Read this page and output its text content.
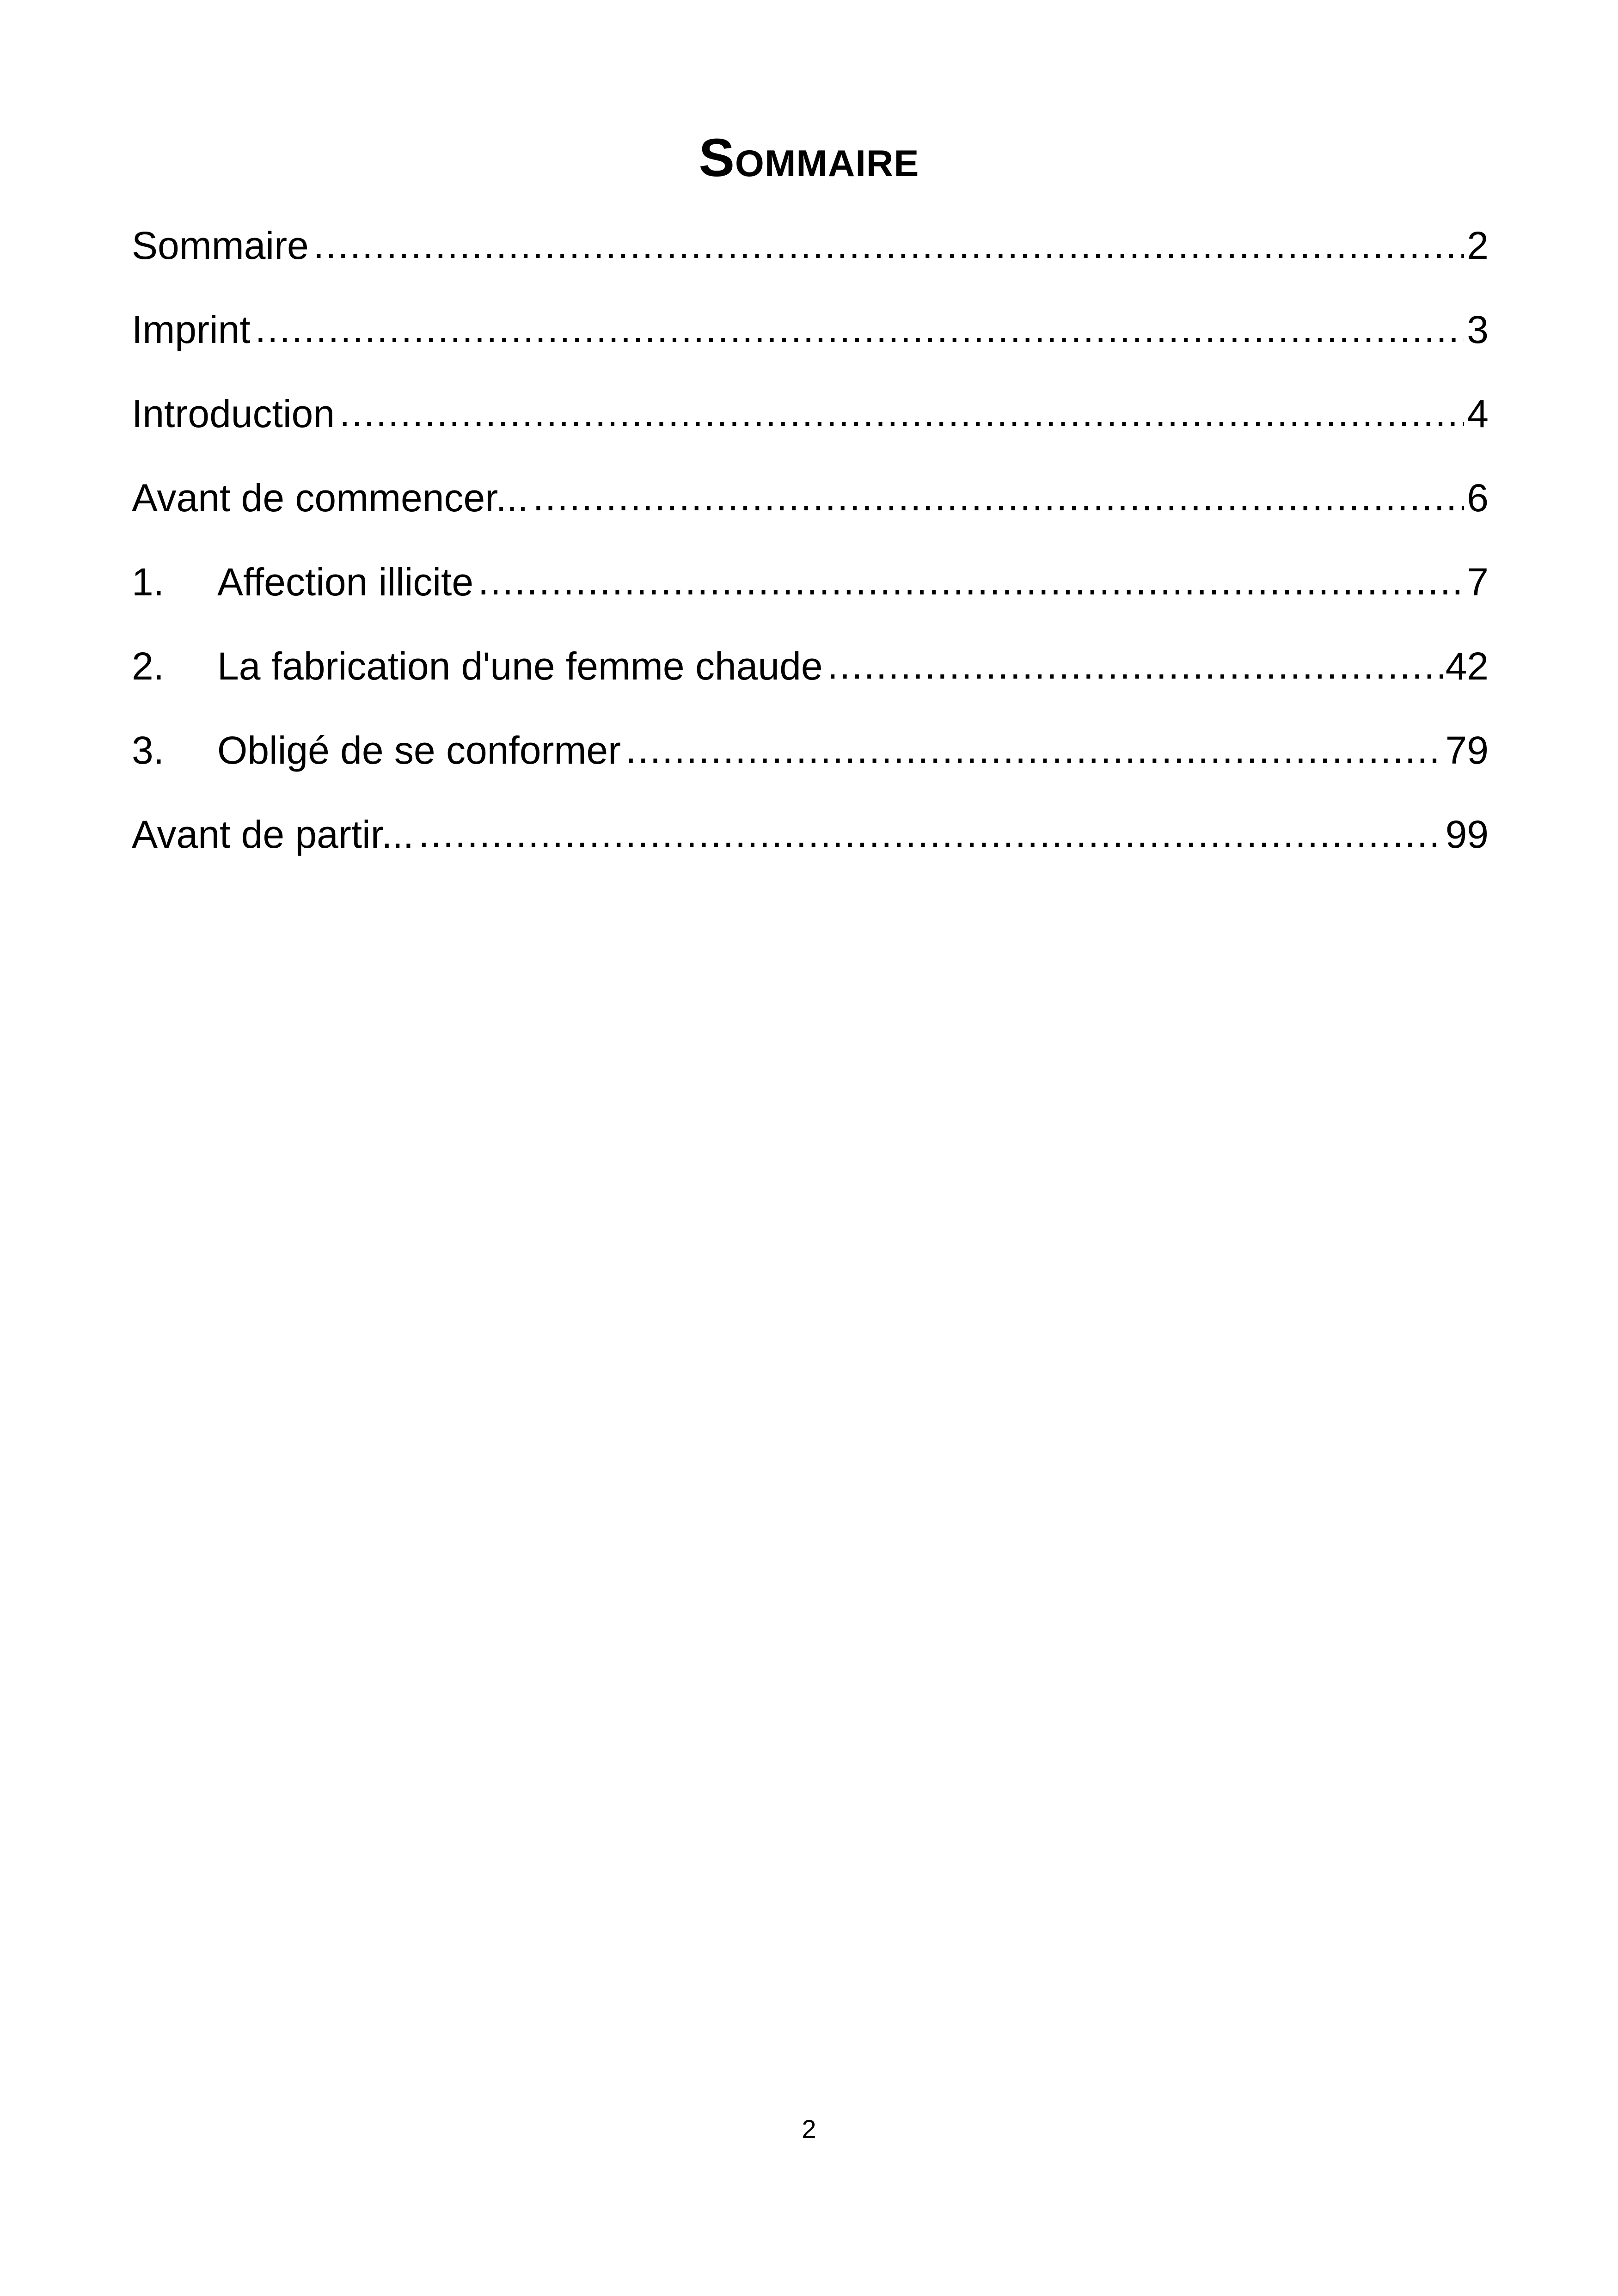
Sommaire
Sommaire .....	2
Imprint .....	3
Introduction .....	4
Avant de commencer... .....	6
1.	Affection illicite .....	7
2.	La fabrication d'une femme chaude .....	42
3.	Obligé de se conformer .....	79
Avant de partir... .....	99
2
